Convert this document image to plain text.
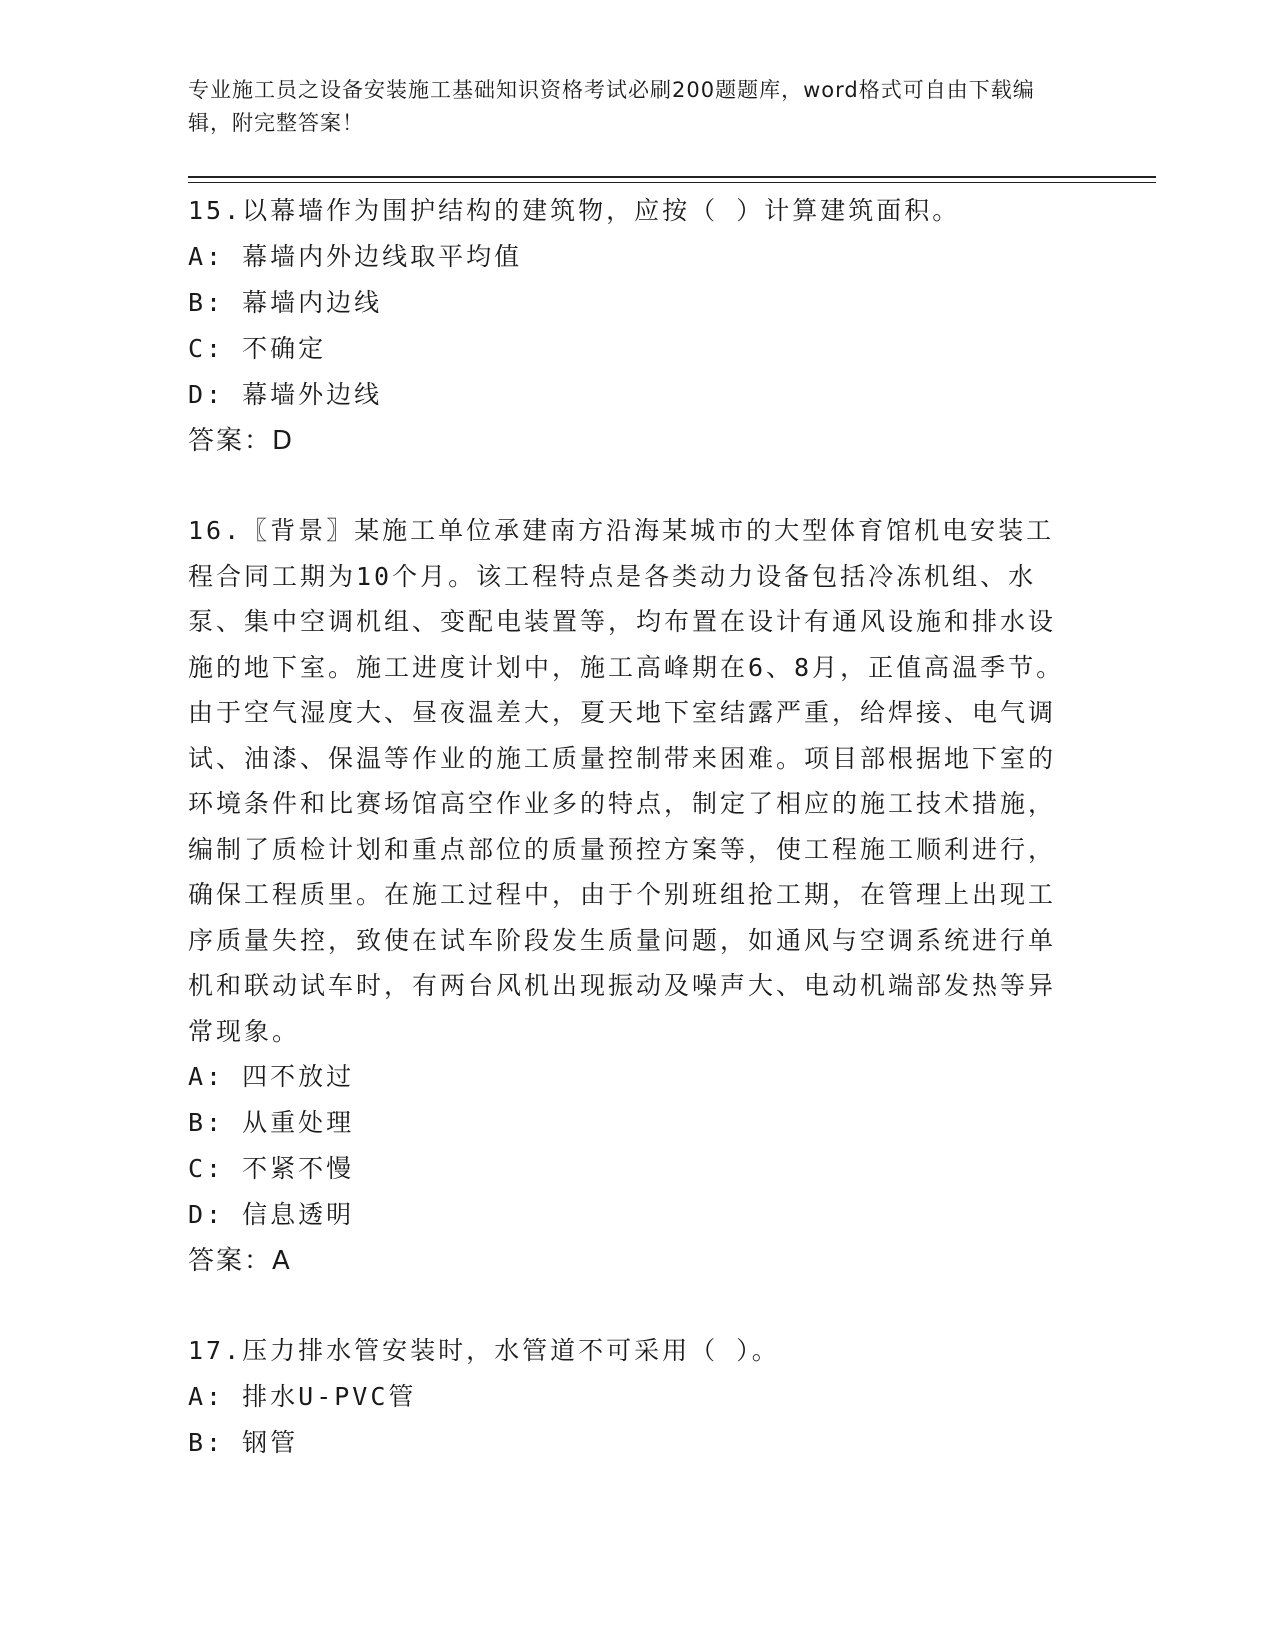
专业施工员之设备安装施工基础知识资格考试必刷200题题库，word格式可自由下载编辑，附完整答案！
15.以幕墙作为围护结构的建筑物，应按（ ）计算建筑面积。
A: 幕墙内外边线取平均值
B: 幕墙内边线
C: 不确定
D: 幕墙外边线
答案：D
16.〖背景〗某施工单位承建南方沿海某城市的大型体育馆机电安装工程合同工期为10个月。该工程特点是各类动力设备包括冷冻机组、水泵、集中空调机组、变配电装置等，均布置在设计有通风设施和排水设施的地下室。施工进度计划中，施工高峰期在6、8月，正值高温季节。由于空气湿度大、昼夜温差大，夏天地下室结露严重，给焊接、电气调试、油漆、保温等作业的施工质量控制带来困难。项目部根据地下室的环境条件和比赛场馆高空作业多的特点，制定了相应的施工技术措施，编制了质检计划和重点部位的质量预控方案等，使工程施工顺利进行，确保工程质里。在施工过程中，由于个别班组抢工期，在管理上出现工序质量失控，致使在试车阶段发生质量问题，如通风与空调系统进行单机和联动试车时，有两台风机出现振动及噪声大、电动机端部发热等异常现象。
A: 四不放过
B: 从重处理
C: 不紧不慢
D: 信息透明
答案：A
17.压力排水管安装时，水管道不可采用（ ）。
A: 排水U-PVC管
B: 钢管
